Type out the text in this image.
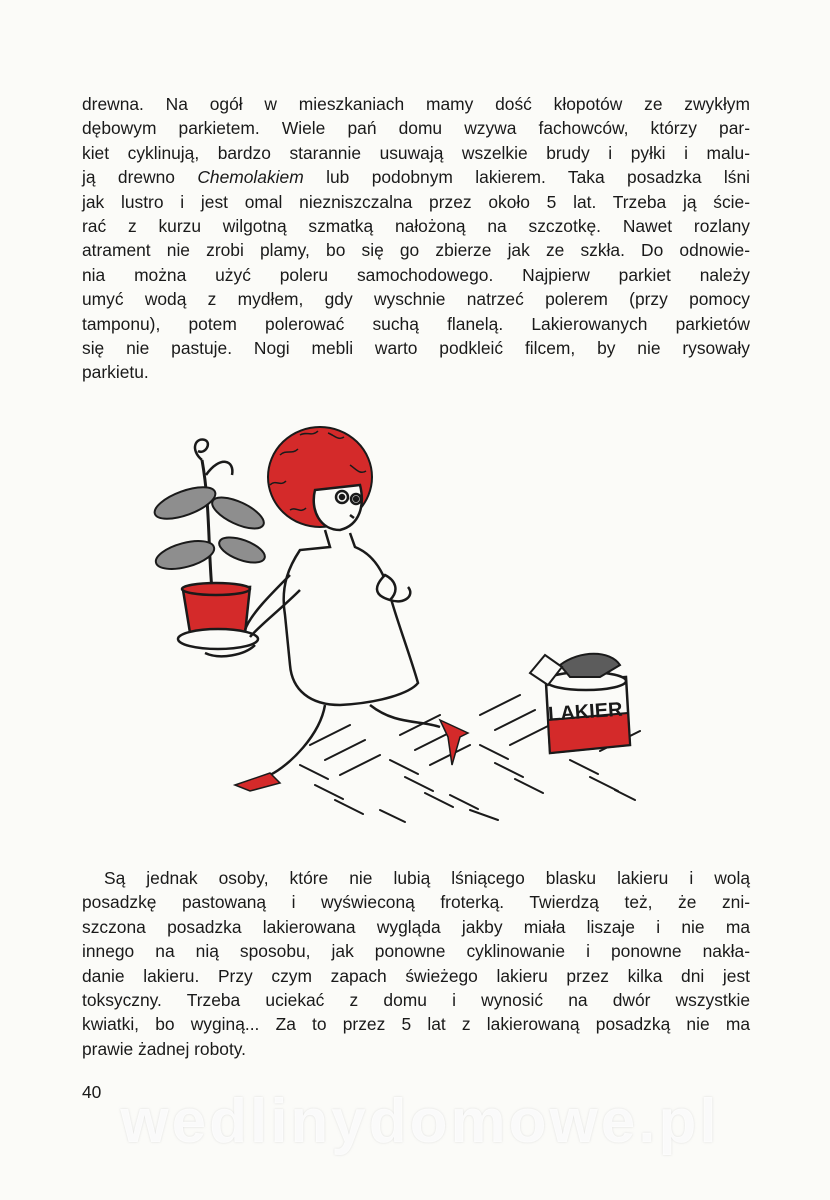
drewna. Na ogół w mieszkaniach mamy dość kłopotów ze zwykłym
dębowym parkietem. Wiele pań domu wzywa fachowców, którzy par-
kiet cyklinują, bardzo starannie usuwają wszelkie brudy i pyłki i malu-
ją drewno Chemolakiem lub podobnym lakierem. Taka posadzka lśni
jak lustro i jest omal niezniszczalna przez około 5 lat. Trzeba ją ście-
rać z kurzu wilgotną szmatką nałożoną na szczotkę. Nawet rozlany
atrament nie zrobi plamy, bo się go zbierze jak ze szkła. Do odnowie-
nia można użyć poleru samochodowego. Najpierw parkiet należy
umyć wodą z mydłem, gdy wyschnie natrzeć polerem (przy pomocy
tamponu), potem polerować suchą flanelą. Lakierowanych parkietów
się nie pastuje. Nogi mebli warto podkleić filcem, by nie rysowały
parkietu.
LAKIER
Są jednak osoby, które nie lubią lśniącego blasku lakieru i wolą
posadzkę pastowaną i wyświeconą froterką. Twierdzą też, że zni-
szczona posadzka lakierowana wygląda jakby miała liszaje i nie ma
innego na nią sposobu, jak ponowne cyklinowanie i ponowne nakła-
danie lakieru. Przy czym zapach świeżego lakieru przez kilka dni jest
toksyczny. Trzeba uciekać z domu i wynosić na dwór wszystkie
kwiatki, bo wyginą... Za to przez 5 lat z lakierowaną posadzką nie ma
prawie żadnej roboty.
40 wedlinydomowe.pl
